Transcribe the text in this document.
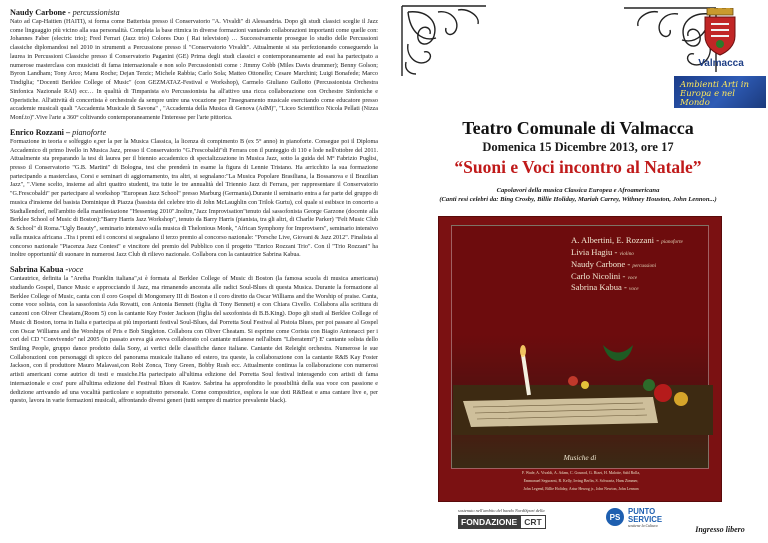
Naudy Carbone - percussionista

Nato ad Cap-Haitien (HAITI), si forma come Batterista presso il Conservatorio "A. Vivaldi" di Alessandria. Dopo gli studi classici sceglie il Jazz come linguaggio più vicino alla sua personalità. Completa la base ritmica in diverse formazioni vantando collaborazioni importanti come quelle con: Johannes Faber (electric trio); Fred Ferrari (Jazz trio) Colores Duo ( Rai television) … Successivamente prosegue lo studio delle Percussioni classiche diplomandosi nel 2010 in strumenti a Percussione presso il "Conservatorio Vivaldi". Attualmente si sta perfezionando conseguendo la laurea in Percussioni Classiche presso il Conservatorio Paganini (GE) Prima degli studi classici e contemporaneamente ad essi ha partecipato a numerose masterclass con musicisti di fama internazionale e non solo Percussionisti come : Jimmy Cobb (Miles Davis drummer); Benny Golson; Byron Landham; Tony Arco; Manu Roche; Dejan Terzic; Michele Rabbia; Carlo Sola; Matteo Ottonello; Cesare Marchini; Luigi Bonafede; Marco Tindiglia; "Docenti Berklee College of Music" (con GEZMATAZ-Festival e Workshop), Carmelo Giuliano Gullotto (Percussionista Orchestra Sinfonica Nazionale RAI) ecc… In qualità di Timpanista e/o Percussionista ha all'attivo una ricca collaborazione con Orchestre Sinfoniche e Operistiche. All'attività di concertista è orchestrale da sempre unire una vocazione per l'insegnamento musicale esercitando come educatore presso accademie musicali quali "Accademia Musicale di Savona" , "Accademia della Musica di Genova (AdM)", "Liceo Scientifico Nicola Pellati (Nizza Monf.to)".Vive l'arte a 360° coltivando contemporaneamente l'interesse per l'arte pittorica.

Enrico Rozzani – pianoforte

Formazione in teoria e solfeggio e,per la per la Musica Classica, la licenza di compimento B (ex 5° anno) in pianoforte. Consegue poi il Diploma Accademico di primo livello in Musica Jazz, presso il Conservatorio "G.Frescobaldi"di Ferrara con il punteggio di 110 e lode nell'ottobre del 2011. Attualmente sta preparando la tesi di laurea per il biennio accademico di specializzazione in Musica Jazz, sotto la guida del M° Fabrizio Puglisi, presso il Conservatorio "G.B. Martini" di Bologna, tesi che prenderà in esame la figura di Lennie Tristano. Ha arricchito la sua formazione partecipando a masterclass, Corsi e seminari di aggiornamento, tra altri, si segnalano:"La Musica Popolare Brasiliana, la Bossanova e il Brazilian Jazz", ".Viene scelto, insieme ad altri quattro studenti, tra tutte le tre annualità del Triennio Jazz di Ferrara, per rappresentare il Conservatorio "G.Frescobaldi" per partecipare al workshop "European Jazz School" presso Marburg (Germania).Durante il seminario entra a far parte del gruppo di musica d'insieme del basista Dominique di Piazza (bassista del celebre trio di John McLaughlin con Trilok Gurtu), col quale si esibisce in concerto a Stadtallendorf, nell'ambito della manifestazione "Hessentag 2010".Inoltre,"Jazz Improvisation"tenuto dal sassofonista George Garzone (docente alla Berklee School of Music di Boston):"Barry Harris Jazz Workshop", tenuto da Barry Harris (pianista, tra gli altri, di Charlie Parker) "Felt Music Club & School" di Roma."Ugly Beauty", seminario intensivo sulla musica di Thelonious Monk, "African Symphony for Improvisers", seminario intensivo sulla musica africana ..Tra i premi ed i concorsi si segnalano il terzo premio al concorso nazionale: "Porsche Live, Giovani & Jazz 2012". Finalista al concorso nazionale "Piacenza Jazz Contest" e vincitore del premio del Pubblico con il progetto "Enrico Rozzani Trio". Con il "Trio Rozzani" ha inoltre opportunità' di suonare in numerosi Jazz Club di rilievo nazionale. Collabora con la cantautrice Sabrina Kabua.

Sabrina Kabua -voce

Cantautrice, definita la "Aretha Franklin italiana",si è formata al Berklee College of Music di Boston (la famosa scuola di musica americana) studiando Gospel, Dance Music e approcciando il Jazz, ma rimanendo ancorata alle radici Soul-Blues di questa Musica. Durante la formazione al Berklee College of Music, canta con il coro Gospel di Mongomery III di Boston e il coro diretto da Oscar Williams and the Worship of praise. Canta, come voce solista, con la sassofonista Ada Rovatti, con Antonia Bennett (figlia di Tony Bennett) e con Chiara Civello. Collabora alla scrittura di canzoni con Oliver Cheatam,(Room 5) con la cantante Key Foster Jackson (figlia del saxofonista di B.B.King). Dopo gli studi al Berklee College of Music di Boston, torna in Italia e partecipa ai più importanti festival Soul-Blues, dal Porretta Soul Festival al Pistoia Blues, per poi passare al Gospel con Oscar Williams and the Worships of Pris e Bob Singleton. Collabora con Oliver Cheatam. Si esprime come Corista con Biagio Antonacci per i cori del CD "Convivendo" nel 2005 (in passato aveva già aveva collaborato col cantante milanese nell'album "Liberatemi") E' cantante solista dello Smiling People, gruppo dance prodotto dalla Sony, ai vertici delle classifiche dance italiane. Cantante dei Releight orchestra. Numerose le sue Collaborazioni con personaggi di spicco del panorama musicale italiano ed estero, tra queste, la collaborazione con la cantante R&B Kay Foster Jackson, con il produttore Mauro Malavasi,con Robi Zonca, Tony Green, Bobby Rush ecc. Attualmente continua la collaborazione con numerosi artisti americani come autrice di testi e musiche.Ha partecipato all'ultima edizione del Porretta Soul festival interagendo con artisti di fama internazionale e cosi' pure all'ultima edizione del Festival Blues di Kastov. Sabrina ha approfondito le possibilità della sua voce con passione e dedizione arrivando ad una vocalità particolare e soprattutto personale. Come compositrice, esplora le sue doti R&Beat e ama cantare live e, per questo, lavora in varie formazioni musicali, affrontando diversi generi (tutti sempre di matrice prevalente black).

Valmacca
Ambienti Arti in Europa e nel Mondo
Teatro Comunale di Valmacca
Domenica 15 Dicembre 2013, ore 17
“Suoni e Voci incontro al Natale”
Capolavori della musica Classica Europea e Afroamericana
(Canti resi celebri da: Bing Crosby, Billie Holiday, Mariah Carrey, Withney Houston, John Lennon...)
A. Albertini, E. Rozzani - pianoforte
Livia Hagiu - violino
Naudy Carbone - percussioni
Carlo Nicolini - voce
Sabrina Kabua - voce
Musiche di
F. Wade, A. Vivaldi, A. Adam, C. Gounod, G. Bizet, H. Malotte, Sabl Rolla,
Emmanuel Segurarni, R. Kelly, Irving Berlin, S. Schwartz, Hans Zimmer,
John Legend, Billie Holiday, Artur Herzog jr., John Newton, John Lennon
sostenuto nell'ambito del bando NordiSpuri della
FONDAZIONE CRT	PS
PUNTO
SERVICE
sostiene la Cultura	Ingresso libero
